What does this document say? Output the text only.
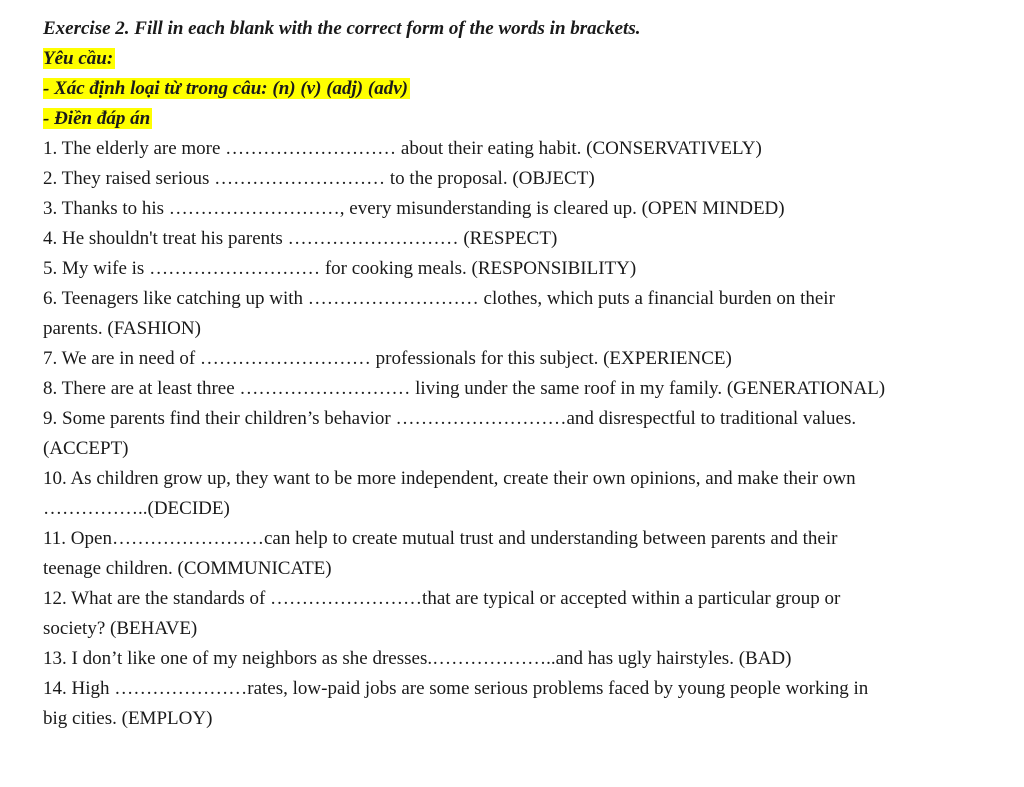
Exercise 2. Fill in each blank with the correct form of the words in brackets.
Yêu cầu:
- Xác định loại từ trong câu: (n) (v) (adj) (adv)
- Điền đáp án
1. The elderly are more ……………………… about their eating habit. (CONSERVATIVELY)
2. They raised serious ……………………… to the proposal. (OBJECT)
3. Thanks to his ………………………, every misunderstanding is cleared up. (OPEN MINDED)
4. He shouldn't treat his parents ……………………… (RESPECT)
5. My wife is ……………………… for cooking meals. (RESPONSIBILITY)
6. Teenagers like catching up with ……………………… clothes, which puts a financial burden on their
parents. (FASHION)
7. We are in need of ……………………… professionals for this subject. (EXPERIENCE)
8. There are at least three ……………………… living under the same roof in my family. (GENERATIONAL)
9. Some parents find their children’s behavior ………………………and disrespectful to traditional values.
(ACCEPT)
10. As children grow up, they want to be more independent, create their own opinions, and make their own
……………..(DECIDE)
11. Open……………………can help to create mutual trust and understanding between parents and their
teenage children. (COMMUNICATE)
12. What are the standards of ……………………that are typical or accepted within a particular group or
society? (BEHAVE)
13. I don’t like one of my neighbors as she dresses.………………..and has ugly hairstyles. (BAD)
14. High …………………rates, low-paid jobs are some serious problems faced by young people working in
big cities. (EMPLOY)
